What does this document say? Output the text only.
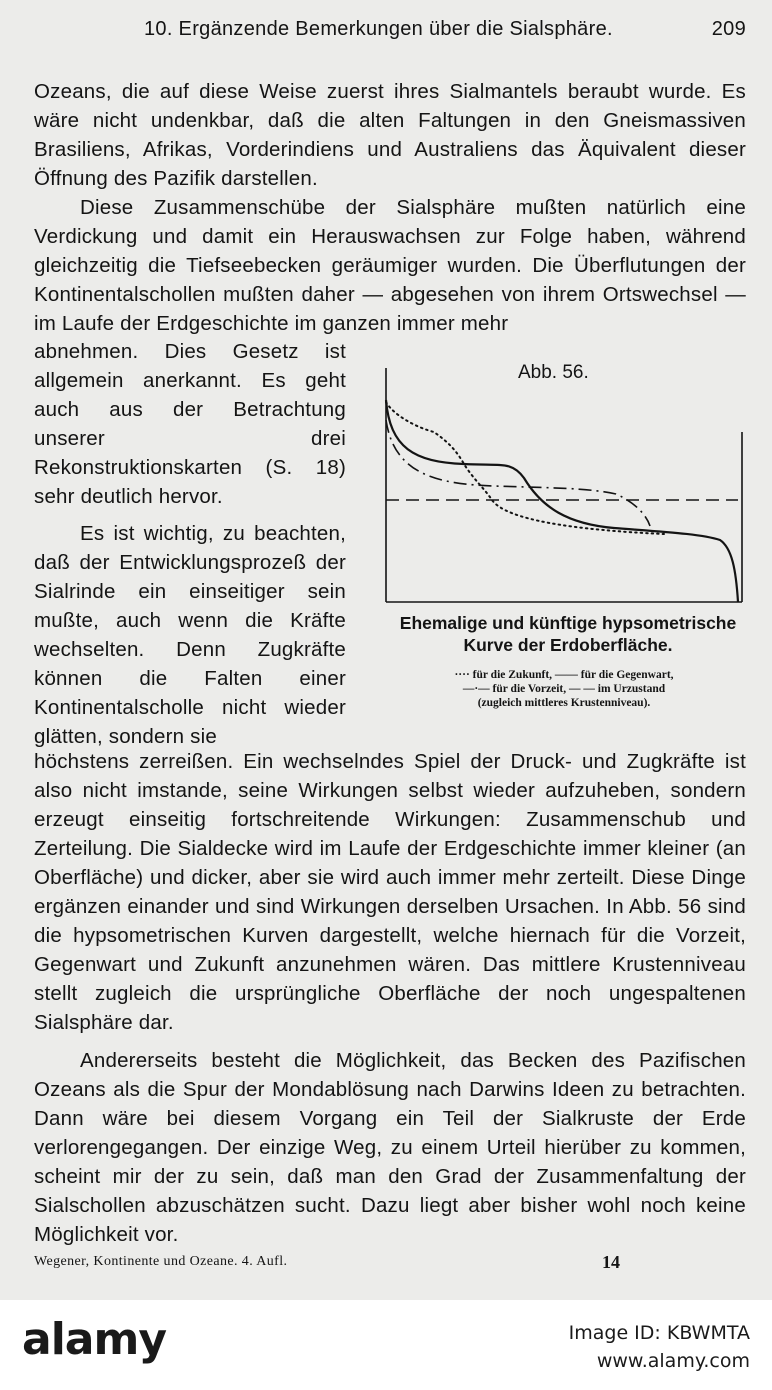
10. Ergänzende Bemerkungen über die Sialsphäre.	209

Ozeans, die auf diese Weise zuerst ihres Sialmantels beraubt wurde. Es wäre nicht undenkbar, daß die alten Faltungen in den Gneismassiven Brasiliens, Afrikas, Vorderindiens und Australiens das Äquivalent dieser Öffnung des Pazifik darstellen.

Diese Zusammenschübe der Sialsphäre mußten natürlich eine Verdickung und damit ein Herauswachsen zur Folge haben, während gleichzeitig die Tiefseebecken geräumiger wurden. Die Überflutungen der Kontinentalschollen mußten daher — abgesehen von ihrem Ortswechsel — im Laufe der Erdgeschichte im ganzen immer mehr

abnehmen. Dies Gesetz ist allgemein anerkannt. Es geht auch aus der Betrachtung unserer drei Rekonstruktionskarten (S. 18) sehr deutlich hervor.

Es ist wichtig, zu beachten, daß der Entwicklungsprozeß der Sialrinde ein einseitiger sein mußte, auch wenn die Kräfte wechselten. Denn Zugkräfte können die Falten einer Kontinentalscholle nicht wieder glätten, sondern sie

Abb. 56.
Ehemalige und künftige hypsometrische Kurve der Erdoberfläche.
···· für die Zukunft, —— für die Gegenwart,
—·— für die Vorzeit, — — im Urzustand
(zugleich mittleres Krustenniveau).

höchstens zerreißen. Ein wechselndes Spiel der Druck- und Zugkräfte ist also nicht imstande, seine Wirkungen selbst wieder aufzuheben, sondern erzeugt einseitig fortschreitende Wirkungen: Zusammenschub und Zerteilung. Die Sialdecke wird im Laufe der Erdgeschichte immer kleiner (an Oberfläche) und dicker, aber sie wird auch immer mehr zerteilt. Diese Dinge ergänzen einander und sind Wirkungen derselben Ursachen. In Abb. 56 sind die hypsometrischen Kurven dargestellt, welche hiernach für die Vorzeit, Gegenwart und Zukunft anzunehmen wären. Das mittlere Krustenniveau stellt zugleich die ursprüngliche Oberfläche der noch ungespaltenen Sialsphäre dar.

Andererseits besteht die Möglichkeit, das Becken des Pazifischen Ozeans als die Spur der Mondablösung nach Darwins Ideen zu betrachten. Dann wäre bei diesem Vorgang ein Teil der Sialkruste der Erde verlorengegangen. Der einzige Weg, zu einem Urteil hierüber zu kommen, scheint mir der zu sein, daß man den Grad der Zusammenfaltung der Sialschollen abzuschätzen sucht. Dazu liegt aber bisher wohl noch keine Möglichkeit vor.

Wegener, Kontinente und Ozeane. 4. Aufl.	14
alamy	Image ID: KBWMTA
www.alamy.com
